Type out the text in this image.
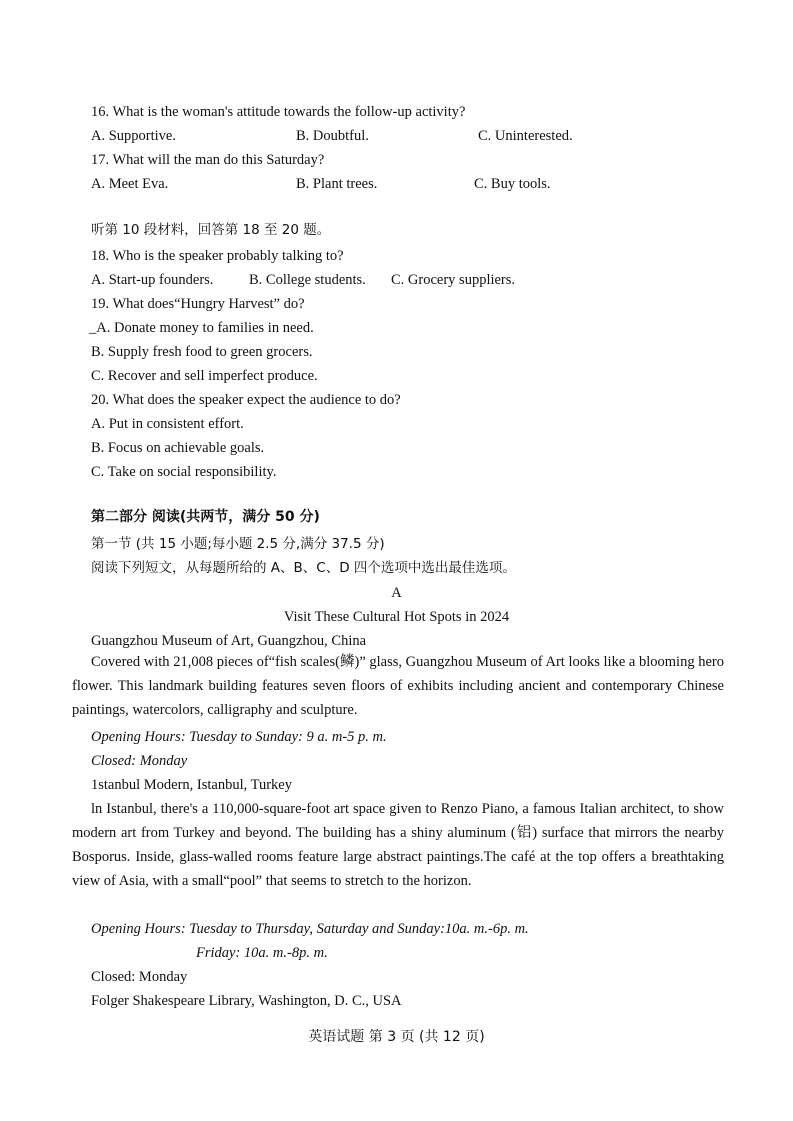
16. What is the woman's attitude towards the follow-up activity?
A. Supportive.	B. Doubtful.	C. Uninterested.
17. What will the man do this Saturday?
A. Meet Eva.	B. Plant trees.	C. Buy tools.
听第 10 段材料，回答第 18 至 20 题。
18. Who is the speaker probably talking to?
A. Start-up founders. B. College students. C. Grocery suppliers.
19. What does“Hungry Harvest” do?
_A. Donate money to families in need.
B. Supply fresh food to green grocers.
C. Recover and sell imperfect produce.
20. What does the speaker expect the audience to do?
A. Put in consistent effort.
B. Focus on achievable goals.
C. Take on social responsibility.
第二部分 阅读(共两节，满分 50 分)
第一节 (共 15 小题;每小题 2.5 分,满分 37.5 分)
阅读下列短文，从每题所给的 A、B、C、D 四个选项中选出最佳选项。
A
Visit These Cultural Hot Spots in 2024
Guangzhou Museum of Art, Guangzhou, China
Covered with 21,008 pieces of“fish scales(鳞)” glass, Guangzhou Museum of Art looks like a blooming hero flower. This landmark building features seven floors of exhibits including ancient and contemporary Chinese paintings, watercolors, calligraphy and sculpture.
Opening Hours: Tuesday to Sunday: 9 a. m-5 p. m.
Closed: Monday
1stanbul Modern, Istanbul, Turkey
ln Istanbul, there's a 110,000-square-foot art space given to Renzo Piano, a famous Italian architect, to show modern art from Turkey and beyond. The building has a shiny aluminum (铝) surface that mirrors the nearby Bosporus. Inside, glass-walled rooms feature large abstract paintings.The café at the top offers a breathtaking view of Asia, with a small“pool” that seems to stretch to the horizon.
Opening Hours: Tuesday to Thursday, Saturday and Sunday:10a. m.-6p. m.
Friday: 10a. m.-8p. m.
Closed: Monday
Folger Shakespeare Library, Washington, D. C., USA
英语试题 第 3 页 (共 12 页)
